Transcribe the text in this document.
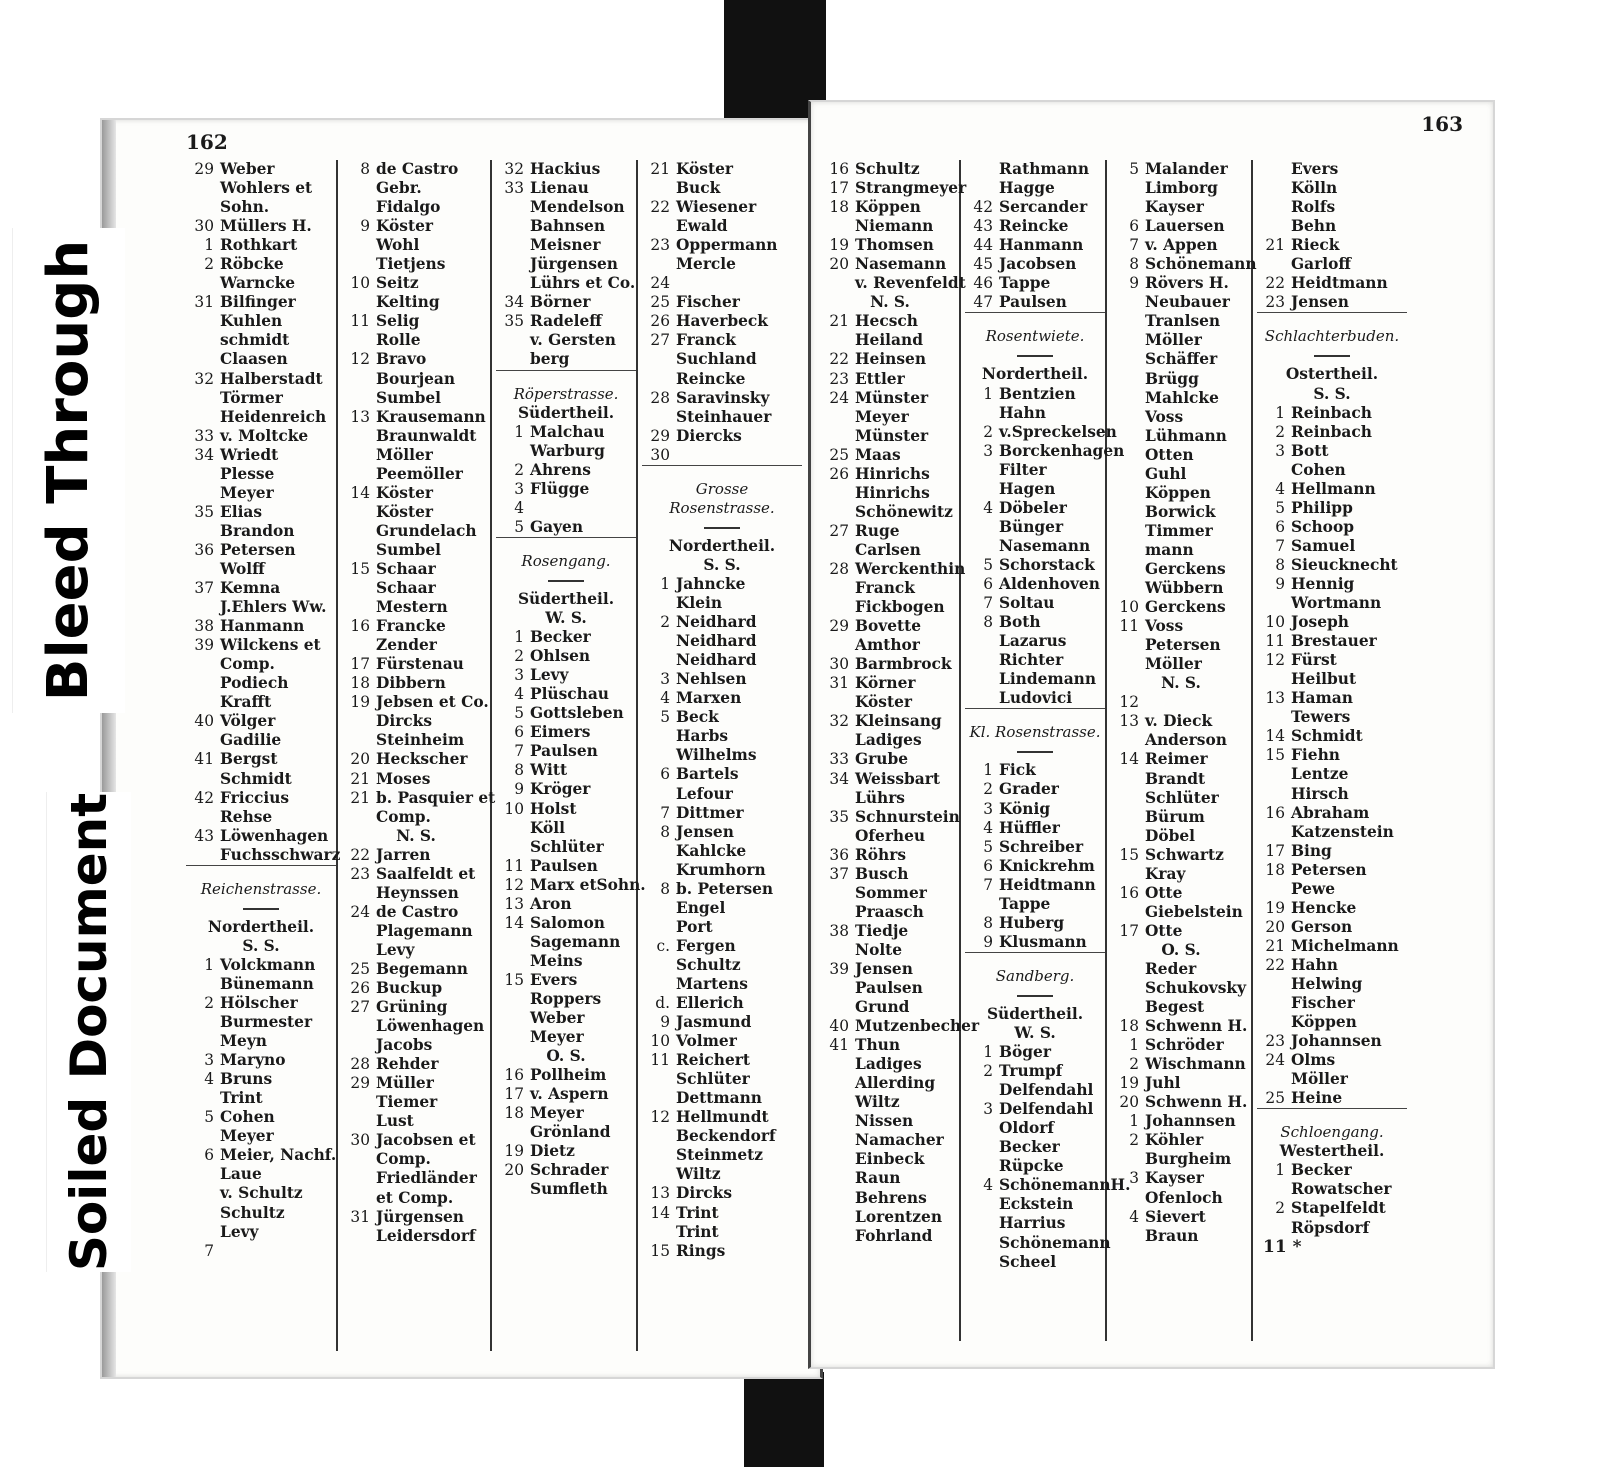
162
29 Weber
Wohlers et
Sohn.
30 Müllers H.
1 Rothkart
2 Röbcke
Warncke
31 Bilfinger
Kuhlen
schmidt
Claasen
32 Halberstadt
Törmer
Heidenreich
33 v. Moltcke
34 Wriedt
Plesse
Meyer
35 Elias
Brandon
36 Petersen
Wolff
37 Kemna
J.Ehlers Ww.
38 Hanmann
39 Wilckens et
Comp.
Podiech
Krafft
40 Völger
Gadilie
41 Bergst
Schmidt
42 Friccius
Rehse
43 Löwenhagen
Fuchsschwarz
Reichenstrasse.
Nordertheil.
S. S.
1 Volckmann
Bünemann
2 Hölscher
Burmester
Meyn
3 Maryno
4 Bruns
Trint
5 Cohen
Meyer
6 Meier, Nachf.
Laue
v. Schultz
Schultz
Levy
7
8 de Castro
Gebr.
Fidalgo
9 Köster
Wohl
Tietjens
10 Seitz
Kelting
11 Selig
Rolle
12 Bravo
Bourjean
Sumbel
13 Krausemann
Braunwaldt
Möller
Peemöller
14 Köster
Köster
Grundelach
Sumbel
15 Schaar
Schaar
Mestern
16 Francke
Zender
17 Fürstenau
18 Dibbern
19 Jebsen et Co.
Dircks
Steinheim
20 Heckscher
21 Moses
21 b. Pasquier et
Comp.
N. S.
22 Jarren
23 Saalfeldt et
Heynssen
24 de Castro
Plagemann
Levy
25 Begemann
26 Buckup
27 Grüning
Löwenhagen
Jacobs
28 Rehder
29 Müller
Tiemer
Lust
30 Jacobsen et
Comp.
Friedländer
et Comp.
31 Jürgensen
Leidersdorf
32 Hackius
33 Lienau
Mendelson
Bahnsen
Meisner
Jürgensen
Lührs et Co.
34 Börner
35 Radeleff
v. Gersten
berg
Röperstrasse.
Südertheil.
1 Malchau
Warburg
2 Ahrens
3 Flügge
4
5 Gayen
Rosengang.
Südertheil.
W. S.
1 Becker
2 Ohlsen
3 Levy
4 Plüschau
5 Gottsleben
6 Eimers
7 Paulsen
8 Witt
9 Kröger
10 Holst
Köll
Schlüter
11 Paulsen
12 Marx etSohn.
13 Aron
14 Salomon
Sagemann
Meins
15 Evers
Roppers
Weber
Meyer
O. S.
16 Pollheim
17 v. Aspern
18 Meyer
Grönland
19 Dietz
20 Schrader
Sumfleth
21 Köster
Buck
22 Wiesener
Ewald
23 Oppermann
Mercle
24
25 Fischer
26 Haverbeck
27 Franck
Suchland
Reincke
28 Saravinsky
Steinhauer
29 Diercks
30
Grosse
Rosenstrasse.
Nordertheil.
S. S.
1 Jahncke
Klein
2 Neidhard
Neidhard
Neidhard
3 Nehlsen
4 Marxen
5 Beck
Harbs
Wilhelms
6 Bartels
Lefour
7 Dittmer
8 Jensen
Kahlcke
Krumhorn
8 b. Petersen
Engel
Port
c. Fergen
Schultz
Martens
d. Ellerich
9 Jasmund
10 Volmer
11 Reichert
Schlüter
Dettmann
12 Hellmundt
Beckendorf
Steinmetz
Wiltz
13 Dircks
14 Trint
Trint
15 Rings
163
16 Schultz
17 Strangmeyer
18 Köppen
Niemann
19 Thomsen
20 Nasemann
v. Revenfeldt
N. S.
21 Hecsch
Heiland
22 Heinsen
23 Ettler
24 Münster
Meyer
Münster
25 Maas
26 Hinrichs
Hinrichs
Schönewitz
27 Ruge
Carlsen
28 Werckenthin
Franck
Fickbogen
29 Bovette
Amthor
30 Barmbrock
31 Körner
Köster
32 Kleinsang
Ladiges
33 Grube
34 Weissbart
Lührs
35 Schnurstein
Oferheu
36 Röhrs
37 Busch
Sommer
Praasch
38 Tiedje
Nolte
39 Jensen
Paulsen
Grund
40 Mutzenbecher
41 Thun
Ladiges
Allerding
Wiltz
Nissen
Namacher
Einbeck
Raun
Behrens
Lorentzen
Fohrland
Rathmann
Hagge
42 Sercander
43 Reincke
44 Hanmann
45 Jacobsen
46 Tappe
47 Paulsen
Rosentwiete.
Nordertheil.
1 Bentzien
Hahn
2 v.Spreckelsen
3 Borckenhagen
Filter
Hagen
4 Döbeler
Bünger
Nasemann
5 Schorstack
6 Aldenhoven
7 Soltau
8 Both
Lazarus
Richter
Lindemann
Ludovici
Kl. Rosenstrasse.
1 Fick
2 Grader
3 König
4 Hüffler
5 Schreiber
6 Knickrehm
7 Heidtmann
Tappe
8 Huberg
9 Klusmann
Sandberg.
Südertheil.
W. S.
1 Böger
2 Trumpf
Delfendahl
3 Delfendahl
Oldorf
Becker
Rüpcke
4 SchönemannH.
Eckstein
Harrius
Schönemann
Scheel
5 Malander
Limborg
Kayser
6 Lauersen
7 v. Appen
8 Schönemann
9 Rövers H.
Neubauer
Tranlsen
Möller
Schäffer
Brügg
Mahlcke
Voss
Lühmann
Otten
Guhl
Köppen
Borwick
Timmer
mann
Gerckens
Wübbern
10 Gerckens
11 Voss
Petersen
Möller
N. S.
12
13 v. Dieck
Anderson
14 Reimer
Brandt
Schlüter
Bürum
Döbel
15 Schwartz
Kray
16 Otte
Giebelstein
17 Otte
O. S.
Reder
Schukovsky
Begest
18 Schwenn H.
1 Schröder
2 Wischmann
19 Juhl
20 Schwenn H.
1 Johannsen
2 Köhler
Burgheim
3 Kayser
Ofenloch
4 Sievert
Braun
Evers
Kölln
Rolfs
Behn
21 Rieck
Garloff
22 Heidtmann
23 Jensen
Schlachterbuden.
Ostertheil.
S. S.
1 Reinbach
2 Reinbach
3 Bott
Cohen
4 Hellmann
5 Philipp
6 Schoop
7 Samuel
8 Sieucknecht
9 Hennig
Wortmann
10 Joseph
11 Brestauer
12 Fürst
Heilbut
13 Haman
Tewers
14 Schmidt
15 Fiehn
Lentze
Hirsch
16 Abraham
Katzenstein
17 Bing
18 Petersen
Pewe
19 Hencke
20 Gerson
21 Michelmann
22 Hahn
Helwing
Fischer
Köppen
23 Johannsen
24 Olms
Möller
25 Heine
Schloengang.
Westertheil.
1 Becker
Rowatscher
2 Stapelfeldt
Röpsdorf
11 *
Bleed Through
Soiled Document
